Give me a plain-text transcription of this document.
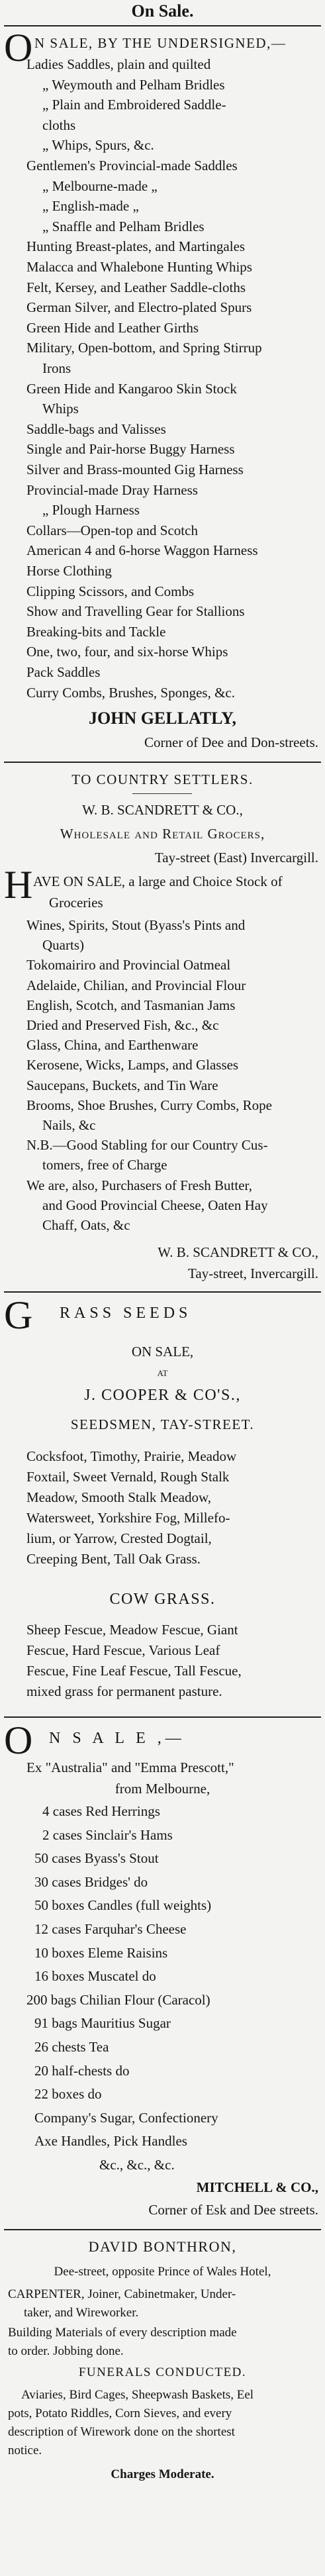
On Sale.
O N SALE, BY THE UNDERSIGNED,—
Ladies Saddles, plain and quilted
„ Weymouth and Pelham Bridles
„ Plain and Embroidered Saddle-
cloths
„ Whips, Spurs, &c.
Gentlemen's Provincial-made Saddles
„ Melbourne-made „
„ English-made „
„ Snaffle and Pelham Bridles
Hunting Breast-plates, and Martingales
Malacca and Whalebone Hunting Whips
Felt, Kersey, and Leather Saddle-cloths
German Silver, and Electro-plated Spurs
Green Hide and Leather Girths
Military, Open-bottom, and Spring Stirrup
Irons
Green Hide and Kangaroo Skin Stock
Whips
Saddle-bags and Valisses
Single and Pair-horse Buggy Harness
Silver and Brass-mounted Gig Harness
Provincial-made Dray Harness
„ Plough Harness
Collars—Open-top and Scotch
American 4 and 6-horse Waggon Harness
Horse Clothing
Clipping Scissors, and Combs
Show and Travelling Gear for Stallions
Breaking-bits and Tackle
One, two, four, and six-horse Whips
Pack Saddles
Curry Combs, Brushes, Sponges, &c.
JOHN GELLATLY,
Corner of Dee and Don-streets.
TO COUNTRY SETTLERS.
W. B. SCANDRETT & CO.,
Wholesale and Retail Grocers,
Tay-street (East) Invercargill.
H AVE ON SALE, a large and Choice Stock of
Groceries
Wines, Spirits, Stout (Byass's Pints and
Quarts)
Tokomairiro and Provincial Oatmeal
Adelaide, Chilian, and Provincial Flour
English, Scotch, and Tasmanian Jams
Dried and Preserved Fish, &c., &c
Glass, China, and Earthenware
Kerosene, Wicks, Lamps, and Glasses
Saucepans, Buckets, and Tin Ware
Brooms, Shoe Brushes, Curry Combs, Rope
Nails, &c
N.B.—Good Stabling for our Country Cus-
tomers, free of Charge
We are, also, Purchasers of Fresh Butter,
and Good Provincial Cheese, Oaten Hay
Chaff, Oats, &c
W. B. SCANDRETT & CO.,
Tay-street, Invercargill.
G RASS SEEDS
ON SALE,
AT
J. COOPER & CO'S.,
SEEDSMEN, TAY-STREET.
Cocksfoot, Timothy, Prairie, Meadow
Foxtail, Sweet Vernald, Rough Stalk
Meadow, Smooth Stalk Meadow,
Watersweet, Yorkshire Fog, Millefo-
lium, or Yarrow, Crested Dogtail,
Creeping Bent, Tall Oak Grass.
COW GRASS.
Sheep Fescue, Meadow Fescue, Giant
Fescue, Hard Fescue, Various Leaf
Fescue, Fine Leaf Fescue, Tall Fescue,
mixed grass for permanent pasture.
O N S A L E ,—
Ex "Australia" and "Emma Prescott,"
from Melbourne,
4 cases Red Herrings
2 cases Sinclair's Hams
50 cases Byass's Stout
30 cases Bridges' do
50 boxes Candles (full weights)
12 cases Farquhar's Cheese
10 boxes Eleme Raisins
16 boxes Muscatel do
200 bags Chilian Flour (Caracol)
91 bags Mauritius Sugar
26 chests Tea
20 half-chests do
22 boxes do
Company's Sugar, Confectionery
Axe Handles, Pick Handles
&c., &c., &c.
MITCHELL & CO.,
Corner of Esk and Dee streets.
DAVID BONTHRON,
Dee-street, opposite Prince of Wales Hotel,
CARPENTER, Joiner, Cabinetmaker, Under-
taker, and Wireworker.
Building Materials of every description made
to order. Jobbing done.
FUNERALS CONDUCTED.
Aviaries, Bird Cages, Sheepwash Baskets, Eel
pots, Potato Riddles, Corn Sieves, and every
description of Wirework done on the shortest
notice.
Charges Moderate.
